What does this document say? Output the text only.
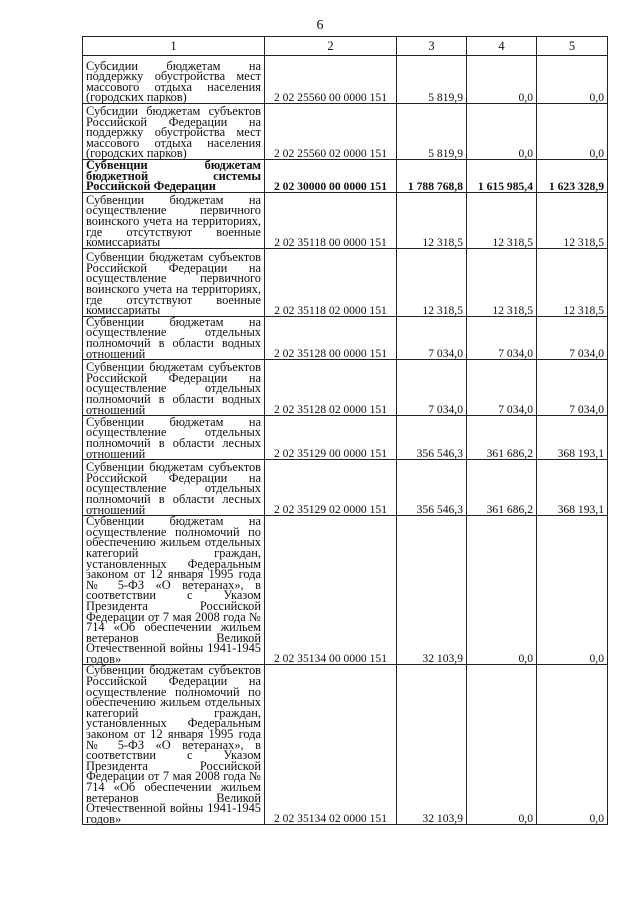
6
1	2	3	4	5
Субсидии бюджетам на поддержку обустройства мест массового отдыха населения (городских парков)	2 02 25560 00 0000 151	5 819,9	0,0	0,0
Субсидии бюджетам субъектов Российской Федерации на поддержку обустройства мест массового отдыха населения (городских парков)	2 02 25560 02 0000 151	5 819,9	0,0	0,0
Субвенции бюджетам бюджетной системы Российской Федерации	2 02 30000 00 0000 151	1 788 768,8	1 615 985,4	1 623 328,9
Субвенции бюджетам на осуществление первичного воинского учета на территориях, где отсутствуют военные комиссариаты	2 02 35118 00 0000 151	12 318,5	12 318,5	12 318,5
Субвенции бюджетам субъектов Российской Федерации на осуществление первичного воинского учета на территориях, где отсутствуют военные комиссариаты	2 02 35118 02 0000 151	12 318,5	12 318,5	12 318,5
Субвенции бюджетам на осуществление отдельных полномочий в области водных отношений	2 02 35128 00 0000 151	7 034,0	7 034,0	7 034,0
Субвенции бюджетам субъектов Российской Федерации на осуществление отдельных полномочий в области водных отношений	2 02 35128 02 0000 151	7 034,0	7 034,0	7 034,0
Субвенции бюджетам на осуществление отдельных полномочий в области лесных отношений	2 02 35129 00 0000 151	356 546,3	361 686,2	368 193,1
Субвенции бюджетам субъектов Российской Федерации на осуществление отдельных полномочий в области лесных отношений	2 02 35129 02 0000 151	356 546,3	361 686,2	368 193,1
Субвенции бюджетам на осуществление полномочий по обеспечению жильем отдельных категорий граждан, установленных Федеральным законом от 12 января 1995 года № 5-ФЗ «О ветеранах», в соответствии с Указом Президента Российской Федерации от 7 мая 2008 года № 714 «Об обеспечении жильем ветеранов Великой Отечественной войны 1941-1945 годов»	2 02 35134 00 0000 151	32 103,9	0,0	0,0
Субвенции бюджетам субъектов Российской Федерации на осуществление полномочий по обеспечению жильем отдельных категорий граждан, установленных Федеральным законом от 12 января 1995 года № 5-ФЗ «О ветеранах», в соответствии с Указом Президента Российской Федерации от 7 мая 2008 года № 714 «Об обеспечении жильем ветеранов Великой Отечественной войны 1941-1945 годов»	2 02 35134 02 0000 151	32 103,9	0,0	0,0
